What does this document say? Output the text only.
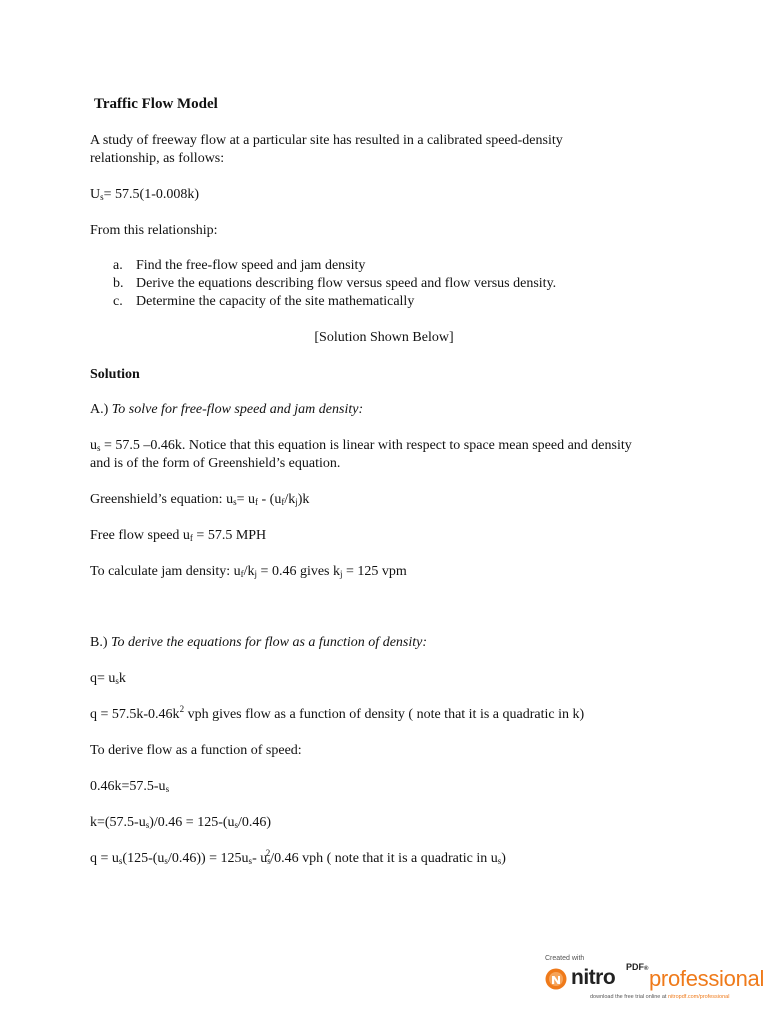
Traffic Flow Model
A study of freeway flow at a particular site has resulted in a calibrated speed-density
relationship, as follows:
$U_s= 57.5(1-0.008k)$
From this relationship:
a. Find the free-flow speed and jam density
b. Derive the equations describing flow versus speed and flow versus density.
c. Determine the capacity of the site mathematically
[Solution Shown Below]
Solution
A.) To solve for free-flow speed and jam density:
$u_s = 57.5$ –0.46k. Notice that this equation is linear with respect to space mean speed and density
and is of the form of Greenshield’s equation.
Greenshield’s equation: $u_s= u_f - (u_f/k_j)k$
Free flow speed $u_f = 57.5$ MPH
To calculate jam density: $u_f/k_j = 0.46$ gives $k_j = 125$ vpm
B.) To derive the equations for flow as a function of density:
$q= u_sk$
$q = 57.5k-0.46k^2$ vph gives flow as a function of density ( note that it is a quadratic in k)
To derive flow as a function of speed:
$0.46k=57.5-u_s$
$k=(57.5-u_s)/0.46 = 125-(u_s/0.46)$
$q = u_s(125-(u_s/0.46)) = 125u_s-$ $u_s^2/0.46$ vph ( note that it is a quadratic in $u_s$)
Created with
nitro PDF® professional
download the free trial online at nitropdf.com/professional
